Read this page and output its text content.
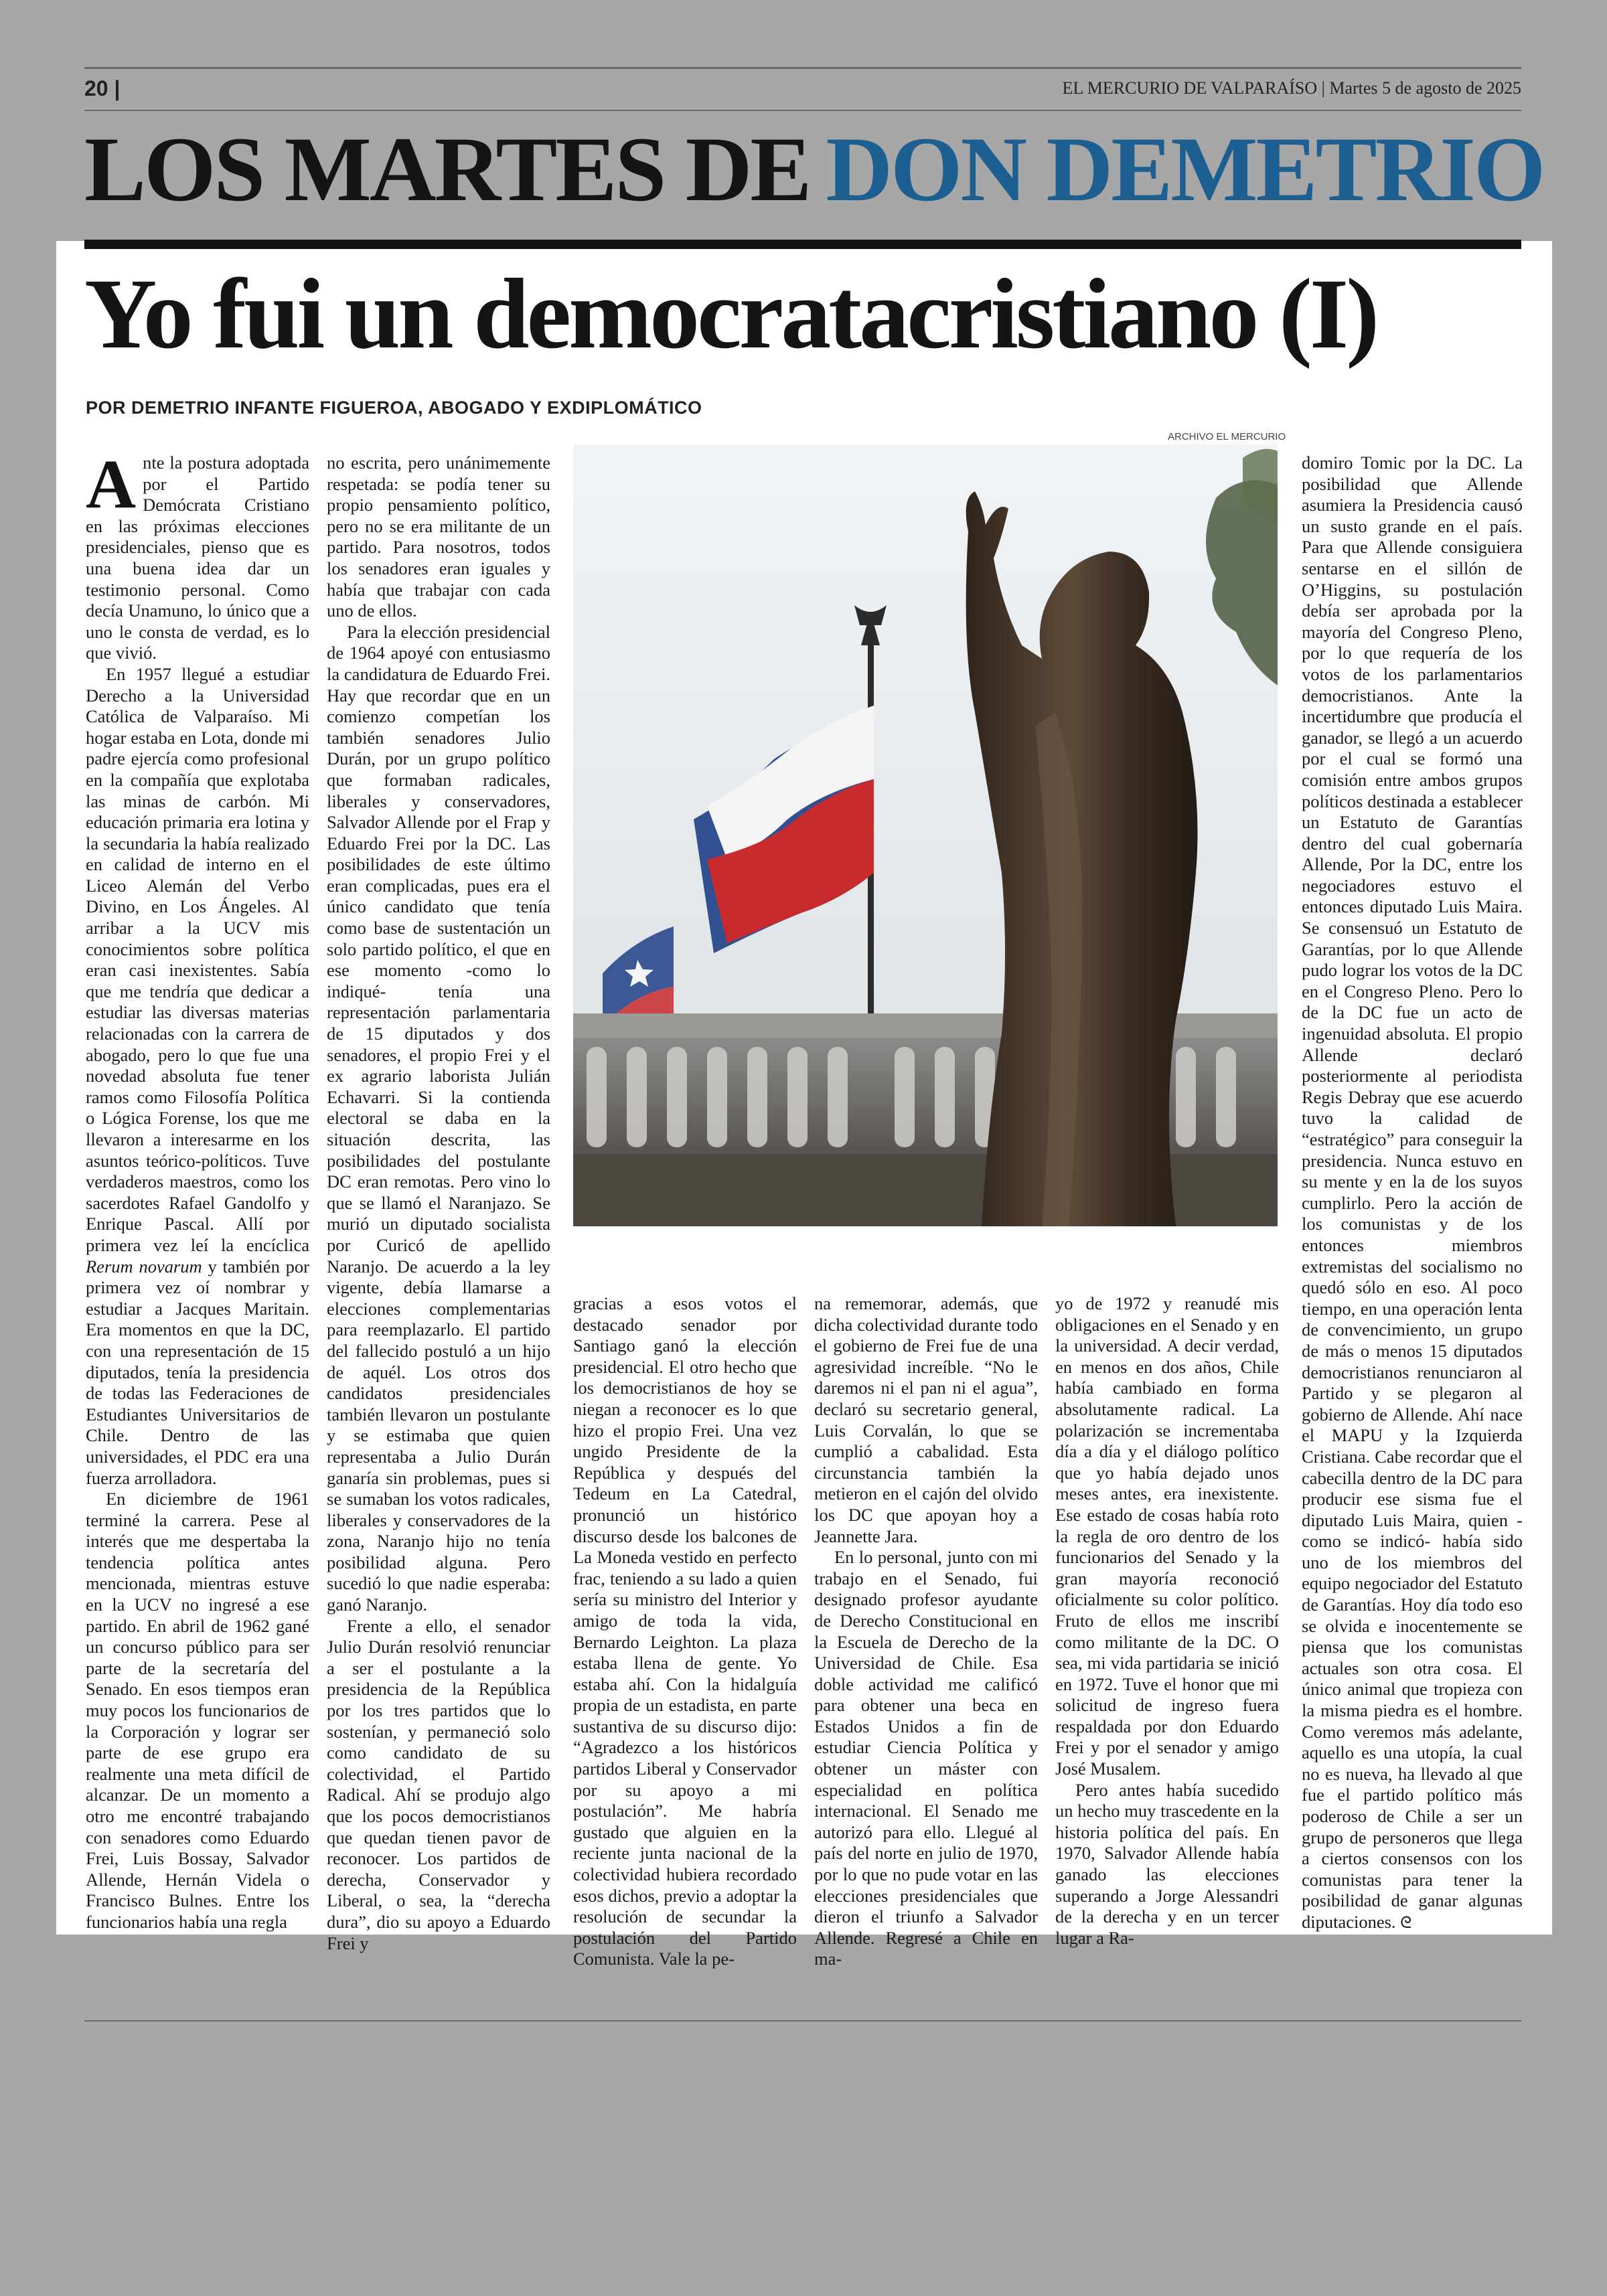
20 |	EL MERCURIO DE VALPARAÍSO | Martes 5 de agosto de 2025
LOS MARTES DE DON DEMETRIO
Yo fui un democratacristiano (I)
POR DEMETRIO INFANTE FIGUEROA, ABOGADO Y EXDIPLOMÁTICO
ARCHIVO EL MERCURIO

Ante la postura adoptada por el Partido Demócrata Cristiano en las próximas elecciones presidenciales, pienso que es una buena idea dar un testimonio personal. Como decía Unamuno, lo único que a uno le consta de verdad, es lo que vivió.

En 1957 llegué a estudiar Derecho a la Universidad Católica de Valparaíso. Mi hogar estaba en Lota, donde mi padre ejercía como profesional en la compañía que explotaba las minas de carbón. Mi educación primaria era lotina y la secundaria la había realizado en calidad de interno en el Liceo Alemán del Verbo Divino, en Los Ángeles. Al arribar a la UCV mis conocimientos sobre política eran casi inexistentes. Sabía que me tendría que dedicar a estudiar las diversas materias relacionadas con la carrera de abogado, pero lo que fue una novedad absoluta fue tener ramos como Filosofía Política o Lógica Forense, los que me llevaron a interesarme en los asuntos teórico-políticos. Tuve verdaderos maestros, como los sacerdotes Rafael Gandolfo y Enrique Pascal. Allí por primera vez leí la encíclica Rerum novarum y también por primera vez oí nombrar y estudiar a Jacques Maritain. Era momentos en que la DC, con una representación de 15 diputados, tenía la presidencia de todas las Federaciones de Estudiantes Universitarios de Chile. Dentro de las universidades, el PDC era una fuerza arrolladora.

En diciembre de 1961 terminé la carrera. Pese al interés que me despertaba la tendencia política antes mencionada, mientras estuve en la UCV no ingresé a ese partido. En abril de 1962 gané un concurso público para ser parte de la secretaría del Senado. En esos tiempos eran muy pocos los funcionarios de la Corporación y lograr ser parte de ese grupo era realmente una meta difícil de alcanzar. De un momento a otro me encontré trabajando con senadores como Eduardo Frei, Luis Bossay, Salvador Allende, Hernán Videla o Francisco Bulnes. Entre los funcionarios había una regla

no escrita, pero unánimemente respetada: se podía tener su propio pensamiento político, pero no se era militante de un partido. Para nosotros, todos los senadores eran iguales y había que trabajar con cada uno de ellos.

Para la elección presidencial de 1964 apoyé con entusiasmo la candidatura de Eduardo Frei. Hay que recordar que en un comienzo competían los también senadores Julio Durán, por un grupo político que formaban radicales, liberales y conservadores, Salvador Allende por el Frap y Eduardo Frei por la DC. Las posibilidades de este último eran complicadas, pues era el único candidato que tenía como base de sustentación un solo partido político, el que en ese momento -como lo indiqué- tenía una representación parlamentaria de 15 diputados y dos senadores, el propio Frei y el ex agrario laborista Julián Echavarri. Si la contienda electoral se daba en la situación descrita, las posibilidades del postulante DC eran remotas. Pero vino lo que se llamó el Naranjazo. Se murió un diputado socialista por Curicó de apellido Naranjo. De acuerdo a la ley vigente, debía llamarse a elecciones complementarias para reemplazarlo. El partido del fallecido postuló a un hijo de aquél. Los otros dos candidatos presidenciales también llevaron un postulante y se estimaba que quien representaba a Julio Durán ganaría sin problemas, pues si se sumaban los votos radicales, liberales y conservadores de la zona, Naranjo hijo no tenía posibilidad alguna. Pero sucedió lo que nadie esperaba: ganó Naranjo.

Frente a ello, el senador Julio Durán resolvió renunciar a ser el postulante a la presidencia de la República por los tres partidos que lo sostenían, y permaneció solo como candidato de su colectividad, el Partido Radical. Ahí se produjo algo que los pocos democristianos que quedan tienen pavor de reconocer. Los partidos de derecha, Conservador y Liberal, o sea, la “derecha dura”, dio su apoyo a Eduardo Frei y

gracias a esos votos el destacado senador por Santiago ganó la elección presidencial. El otro hecho que los democristianos de hoy se niegan a reconocer es lo que hizo el propio Frei. Una vez ungido Presidente de la República y después del Tedeum en La Catedral, pronunció un histórico discurso desde los balcones de La Moneda vestido en perfecto frac, teniendo a su lado a quien sería su ministro del Interior y amigo de toda la vida, Bernardo Leighton. La plaza estaba llena de gente. Yo estaba ahí. Con la hidalguía propia de un estadista, en parte sustantiva de su discurso dijo: “Agradezco a los históricos partidos Liberal y Conservador por su apoyo a mi postulación”. Me habría gustado que alguien en la reciente junta nacional de la colectividad hubiera recordado esos dichos, previo a adoptar la resolución de secundar la postulación del Partido Comunista. Vale la pe-

na rememorar, además, que dicha colectividad durante todo el gobierno de Frei fue de una agresividad increíble. “No le daremos ni el pan ni el agua”, declaró su secretario general, Luis Corvalán, lo que se cumplió a cabalidad. Esta circunstancia también la metieron en el cajón del olvido los DC que apoyan hoy a Jeannette Jara.

En lo personal, junto con mi trabajo en el Senado, fui designado profesor ayudante de Derecho Constitucional en la Escuela de Derecho de la Universidad de Chile. Esa doble actividad me calificó para obtener una beca en Estados Unidos a fin de estudiar Ciencia Política y obtener un máster con especialidad en política internacional. El Senado me autorizó para ello. Llegué al país del norte en julio de 1970, por lo que no pude votar en las elecciones presidenciales que dieron el triunfo a Salvador Allende. Regresé a Chile en ma-

yo de 1972 y reanudé mis obligaciones en el Senado y en la universidad. A decir verdad, en menos en dos años, Chile había cambiado en forma absolutamente radical. La polarización se incrementaba día a día y el diálogo político que yo había dejado unos meses antes, era inexistente. Ese estado de cosas había roto la regla de oro dentro de los funcionarios del Senado y la gran mayoría reconoció oficialmente su color político. Fruto de ellos me inscribí como militante de la DC. O sea, mi vida partidaria se inició en 1972. Tuve el honor que mi solicitud de ingreso fuera respaldada por don Eduardo Frei y por el senador y amigo José Musalem.

Pero antes había sucedido un hecho muy trascedente en la historia política del país. En 1970, Salvador Allende había ganado las elecciones superando a Jorge Alessandri de la derecha y en un tercer lugar a Ra-

domiro Tomic por la DC. La posibilidad que Allende asumiera la Presidencia causó un susto grande en el país. Para que Allende consiguiera sentarse en el sillón de O’Higgins, su postulación debía ser aprobada por la mayoría del Congreso Pleno, por lo que requería de los votos de los parlamentarios democristianos. Ante la incertidumbre que producía el ganador, se llegó a un acuerdo por el cual se formó una comisión entre ambos grupos políticos destinada a establecer un Estatuto de Garantías dentro del cual gobernaría Allende, Por la DC, entre los negociadores estuvo el entonces diputado Luis Maira. Se consensuó un Estatuto de Garantías, por lo que Allende pudo lograr los votos de la DC en el Congreso Pleno. Pero lo de la DC fue un acto de ingenuidad absoluta. El propio Allende declaró posteriormente al periodista Regis Debray que ese acuerdo tuvo la calidad de “estratégico” para conseguir la presidencia. Nunca estuvo en su mente y en la de los suyos cumplirlo. Pero la acción de los comunistas y de los entonces miembros extremistas del socialismo no quedó sólo en eso. Al poco tiempo, en una operación lenta de convencimiento, un grupo de más o menos 15 diputados democristianos renunciaron al Partido y se plegaron al gobierno de Allende. Ahí nace el MAPU y la Izquierda Cristiana. Cabe recordar que el cabecilla dentro de la DC para producir ese sisma fue el diputado Luis Maira, quien -como se indicó- había sido uno de los miembros del equipo negociador del Estatuto de Garantías. Hoy día todo eso se olvida e inocentemente se piensa que los comunistas actuales son otra cosa. El único animal que tropieza con la misma piedra es el hombre. Como veremos más adelante, aquello es una utopía, la cual no es nueva, ha llevado al que fue el partido político más poderoso de Chile a ser un grupo de personeros que llega a ciertos consensos con los comunistas para tener la posibilidad de ganar algunas diputaciones. ᘓ
